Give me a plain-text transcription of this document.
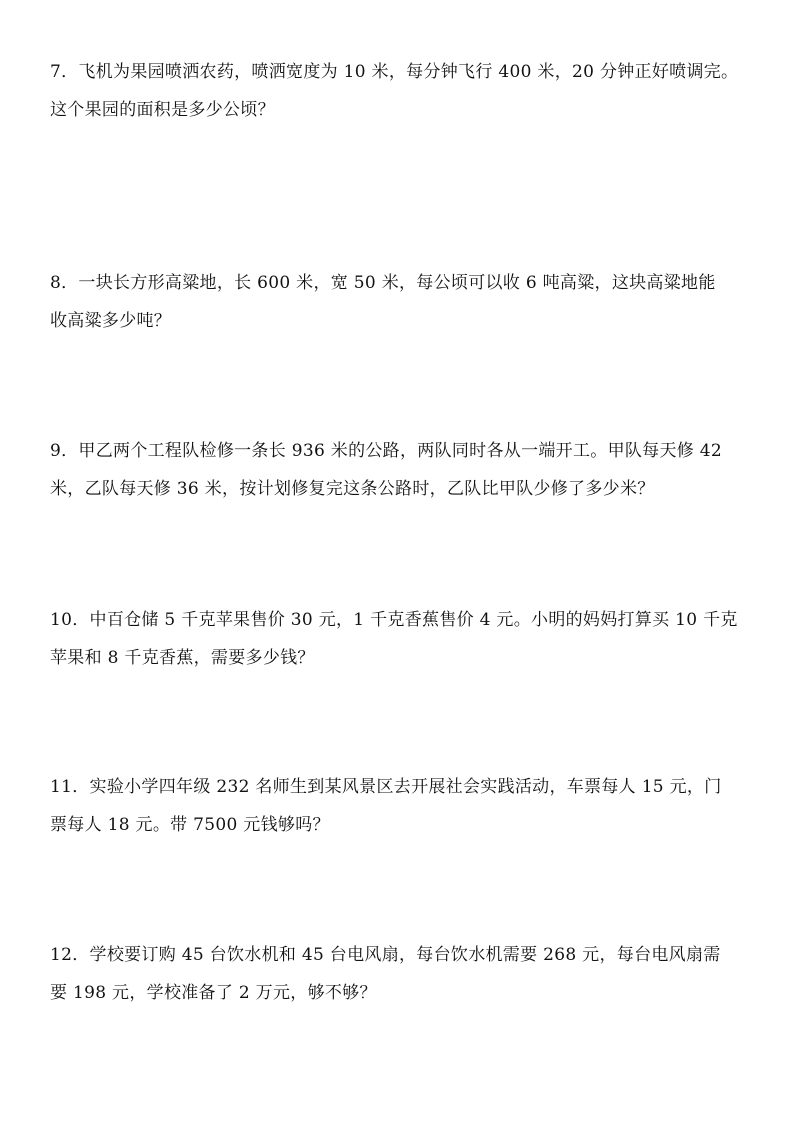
7．飞机为果园喷洒农药，喷洒宽度为 10 米，每分钟飞行 400 米，20 分钟正好喷调完。
这个果园的面积是多少公顷？
8．一块长方形高粱地，长 600 米，宽 50 米，每公顷可以收 6 吨高粱，这块高粱地能
收高粱多少吨？
9．甲乙两个工程队检修一条长 936 米的公路，两队同时各从一端开工。甲队每天修 42
米，乙队每天修 36 米，按计划修复完这条公路时，乙队比甲队少修了多少米？
10．中百仓储 5 千克苹果售价 30 元，1 千克香蕉售价 4 元。小明的妈妈打算买 10 千克
苹果和 8 千克香蕉，需要多少钱？
11．实验小学四年级 232 名师生到某风景区去开展社会实践活动，车票每人 15 元，门
票每人 18 元。带 7500 元钱够吗？
12．学校要订购 45 台饮水机和 45 台电风扇，每台饮水机需要 268 元，每台电风扇需
要 198 元，学校准备了 2 万元，够不够？
